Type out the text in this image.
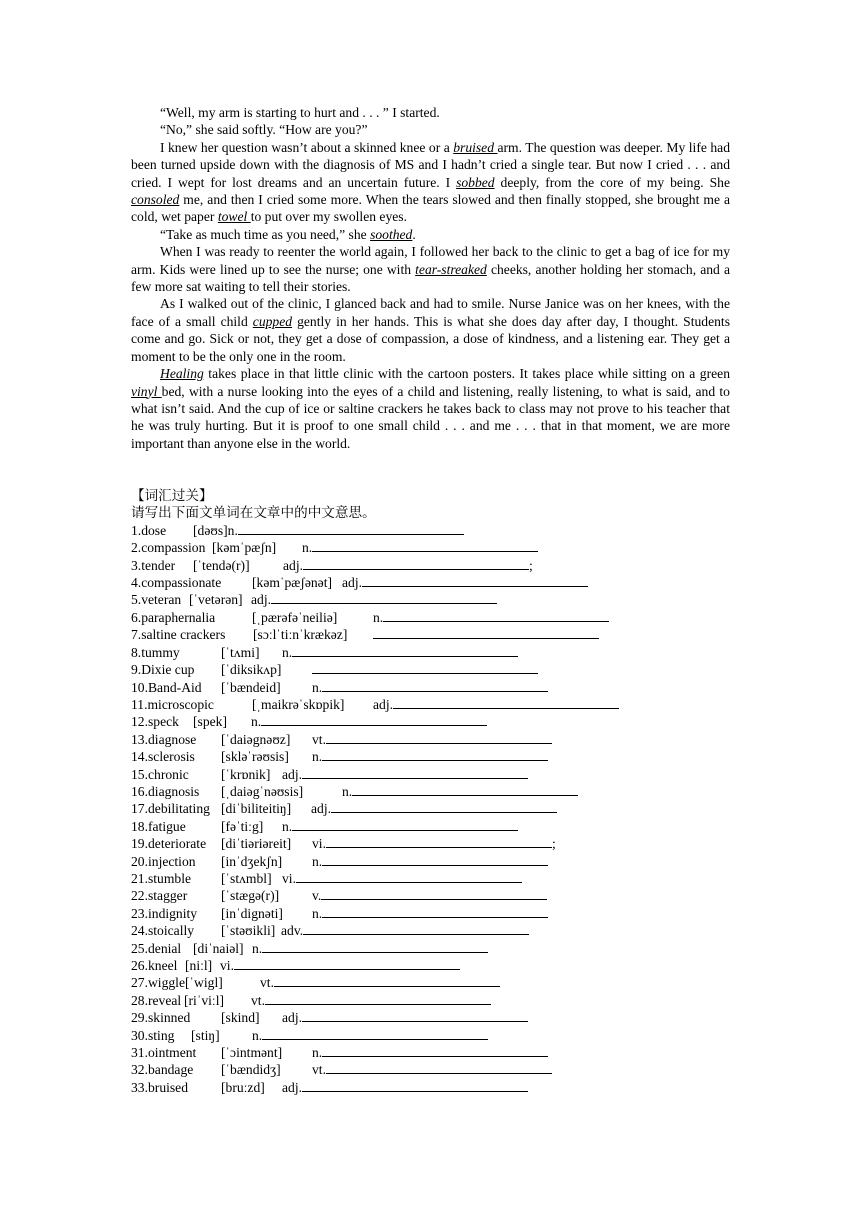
“Well, my arm is starting to hurt and . . . ” I started.

“No,” she said softly. “How are you?”

I knew her question wasn’t about a skinned knee or a bruised arm. The question was deeper. My life had been turned upside down with the diagnosis of MS and I hadn’t cried a single tear. But now I cried . . . and cried. I wept for lost dreams and an uncertain future. I sobbed deeply, from the core of my being. She consoled me, and then I cried some more. When the tears slowed and then finally stopped, she brought me a cold, wet paper towel to put over my swollen eyes.

“Take as much time as you need,” she soothed.

When I was ready to reenter the world again, I followed her back to the clinic to get a bag of ice for my arm. Kids were lined up to see the nurse; one with tear-streaked cheeks, another holding her stomach, and a few more sat waiting to tell their stories.

As I walked out of the clinic, I glanced back and had to smile. Nurse Janice was on her knees, with the face of a small child cupped gently in her hands. This is what she does day after day, I thought. Students come and go. Sick or not, they get a dose of compassion, a dose of kindness, and a listening ear. They get a moment to be the only one in the room.

Healing takes place in that little clinic with the cartoon posters. It takes place while sitting on a green vinyl bed, with a nurse looking into the eyes of a child and listening, really listening, to what is said, and to what isn’t said. And the cup of ice or saltine crackers he takes back to class may not prove to his teacher that he was truly hurting. But it is proof to one small child . . . and me . . . that in that moment, we are more important than anyone else in the world.

【词汇过关】
请写出下面文单词在文章中的中文意思。
1.dose [dəʊs]n.
2.compassion [kəmˈpæʃn] n.
3.tender [ˈtendə(r)] adj.	;
4.compassionate [kəmˈpæʃənət] adj.
5.veteran [ˈvetərən] adj.
6.paraphernalia	[ˌpærəfəˈneiliə]	n.
7.saltine crackers [sɔːlˈtiːnˈkrækəz]
8.tummy	[ˈtʌmi] n.
9.Dixie cup [ˈdiksikʌp]
10.Band-Aid [ˈbændeid] n.
11.microscopic	[ˌmaikrəˈskɒpik] adj.
12.speck [spek] n.
13.diagnose [ˈdaiəgnəʊz] vt.
14.sclerosis [skləˈrəʊsis] n.
15.chronic [ˈkrɒnik] adj.
16.diagnosis [ˌdaiəgˈnəʊsis]	n.
17.debilitating [diˈbiliteitiŋ] adj.
18.fatigue	[fəˈtiːg] n.
19.deteriorate [diˈtiəriəreit] vi.	;
20.injection [inˈdʒekʃn] n.
21.stumble [ˈstʌmbl] vi.
22.stagger [ˈstægə(r)] v.
23.indignity [inˈdignəti] n.
24.stoically [ˈstəʊikli] adv.
25.denial [diˈnaiəl] n.
26.kneel [niːl] vi.
27.wiggle[ˈwigl]	vt.
28.reveal [riˈviːl] vt.
29.skinned [skind] adj.
30.sting [stiŋ] n.
31.ointment [ˈɔintmənt] n.
32.bandage [ˈbændidʒ] vt.
33.bruised [bruːzd] adj.
